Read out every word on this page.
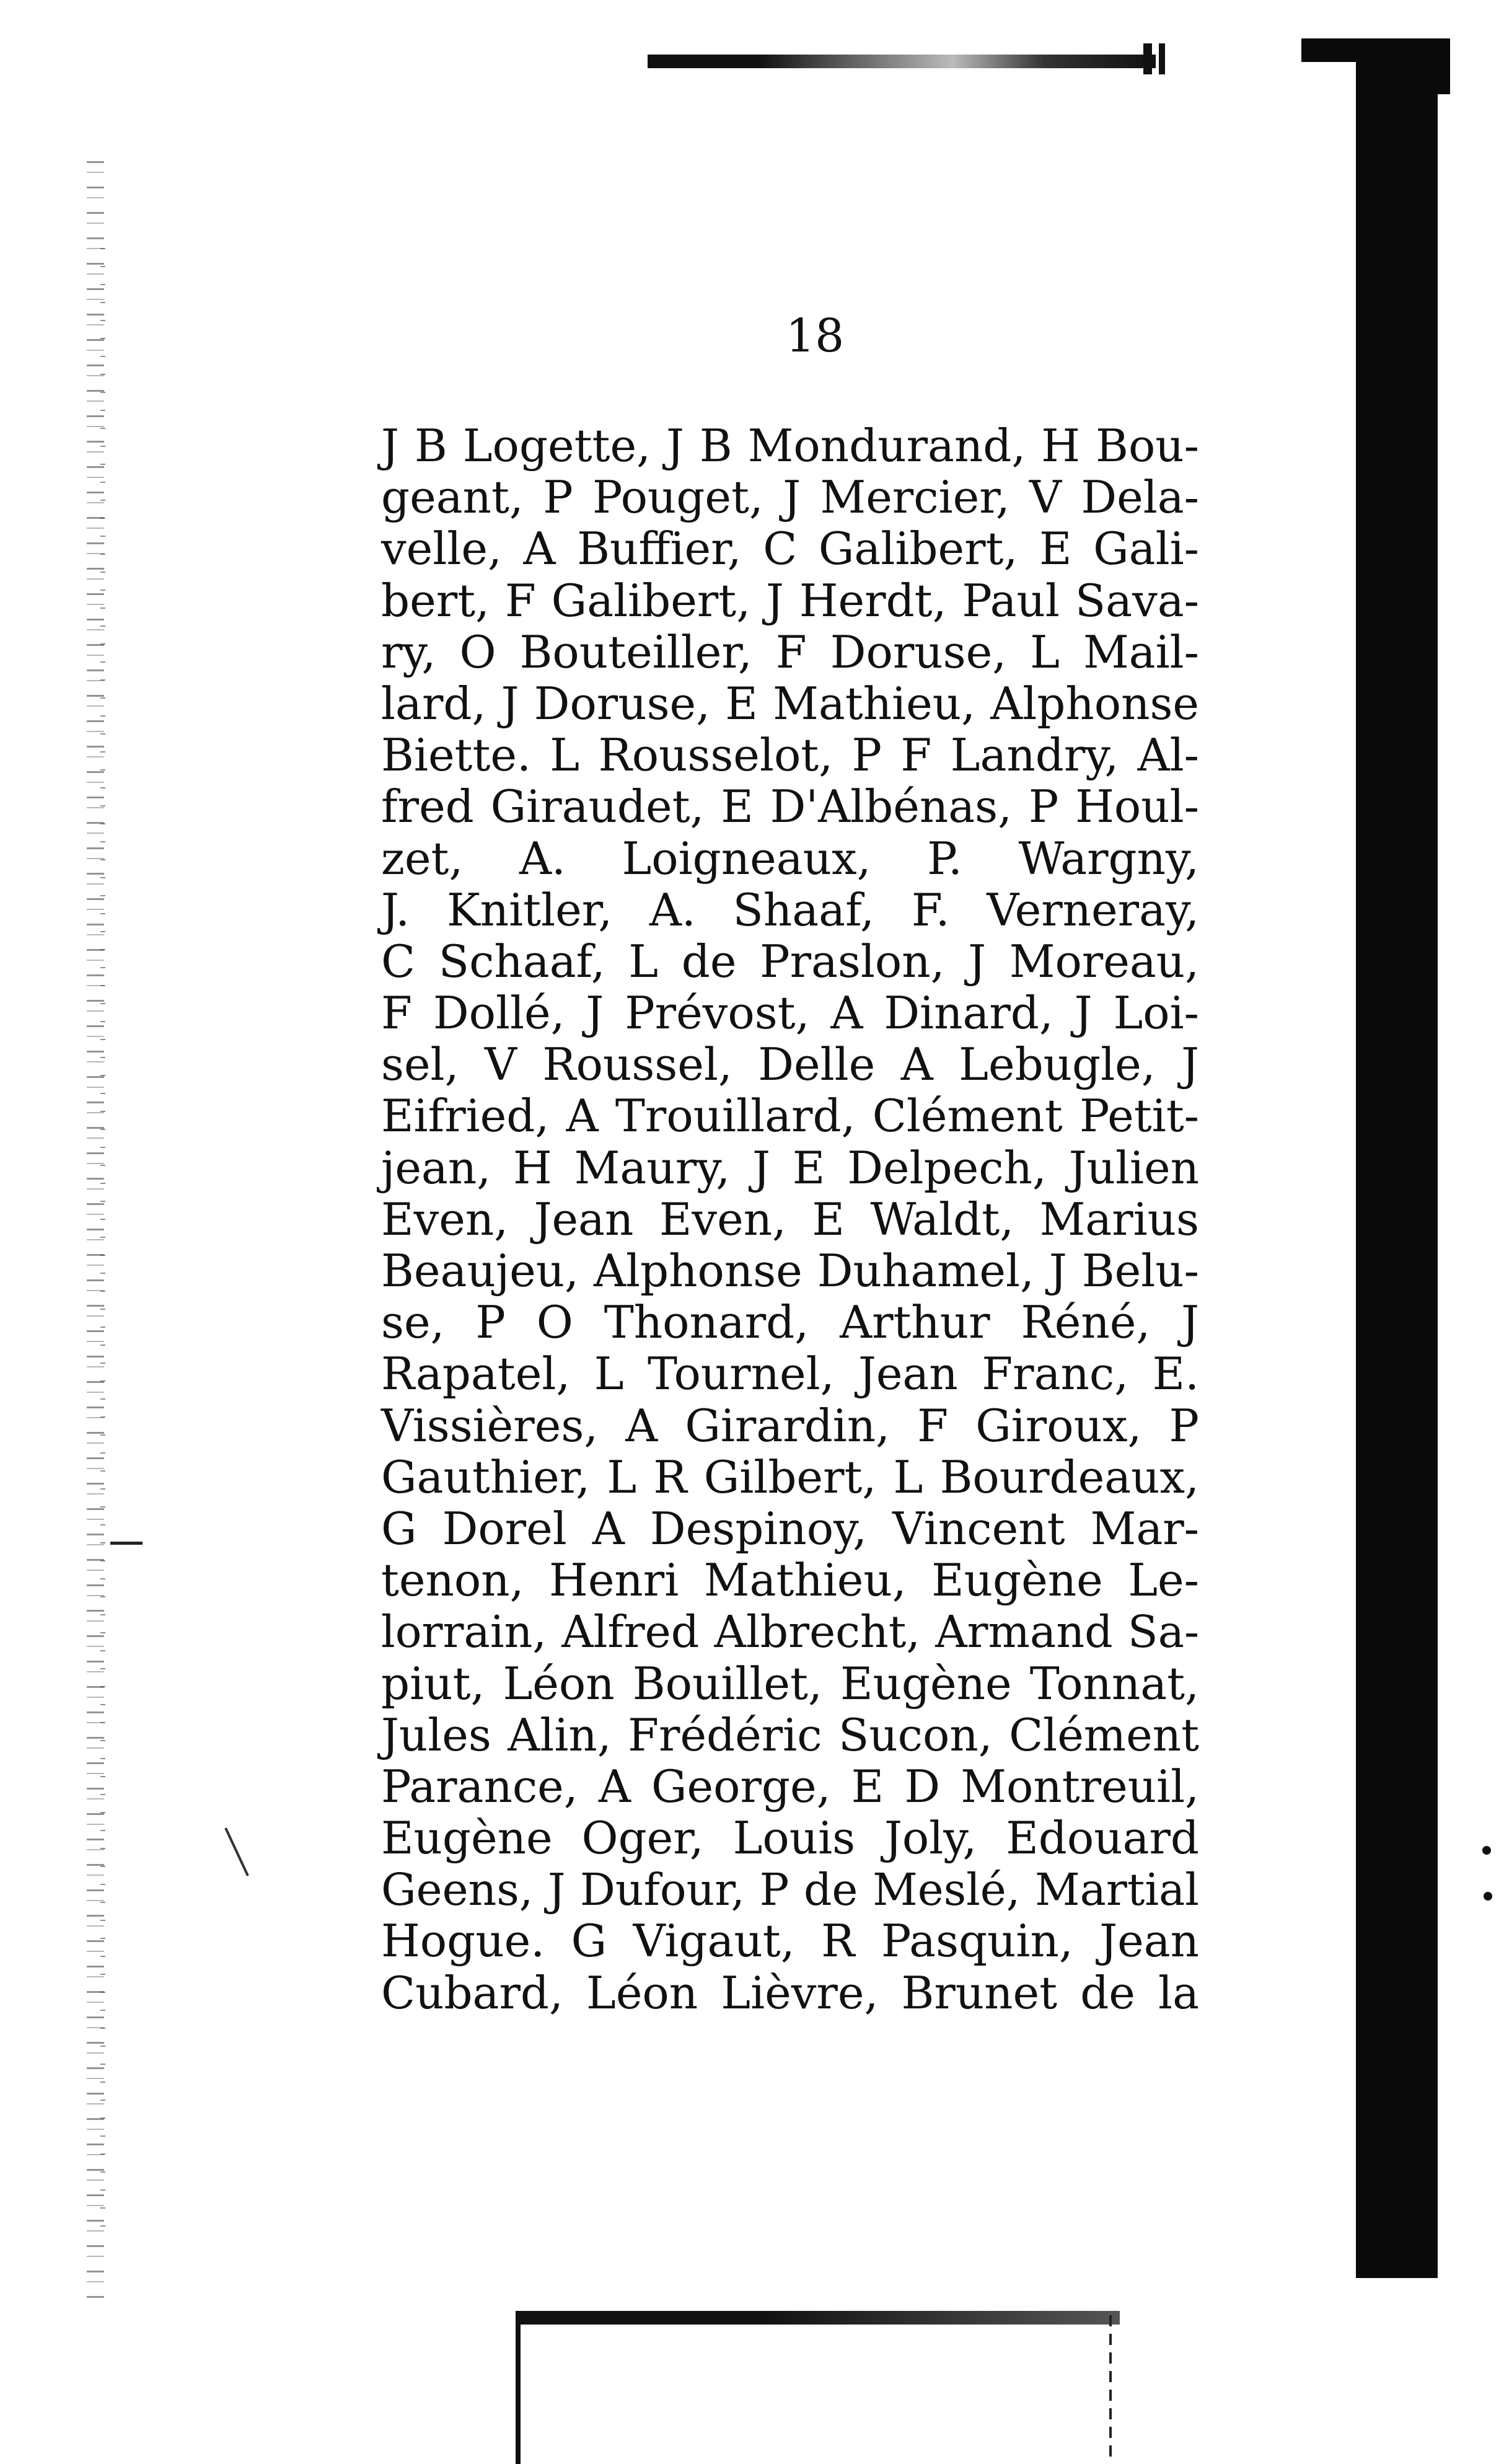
18
J B Logette, J B Mondurand, H Bou-
geant, P Pouget, J Mercier, V Dela-
velle, A Buffier, C Galibert, E Gali-
bert, F Galibert, J Herdt, Paul Sava-
ry, O Bouteiller, F Doruse, L Mail-
lard, J Doruse, E Mathieu, Alphonse
Biette. L Rousselot, P F Landry, Al-
fred Giraudet, E D'Albénas, P Houl-
zet, A. Loigneaux, P. Wargny,
J. Knitler, A. Shaaf, F. Verneray,
C Schaaf, L de Praslon, J Moreau,
F Dollé, J Prévost, A Dinard, J Loi-
sel, V Roussel, Delle A Lebugle, J
Eifried, A Trouillard, Clément Petit-
jean, H Maury, J E Delpech, Julien
Even, Jean Even, E Waldt, Marius
Beaujeu, Alphonse Duhamel, J Belu-
se, P O Thonard, Arthur Réné, J
Rapatel, L Tournel, Jean Franc, E.
Vissières, A Girardin, F Giroux, P
Gauthier, L R Gilbert, L Bourdeaux,
G Dorel A Despinoy, Vincent Mar-
tenon, Henri Mathieu, Eugène Le-
lorrain, Alfred Albrecht, Armand Sa-
piut, Léon Bouillet, Eugène Tonnat,
Jules Alin, Frédéric Sucon, Clément
Parance, A George, E D Montreuil,
Eugène Oger, Louis Joly, Edouard
Geens, J Dufour, P de Meslé, Martial
Hogue. G Vigaut, R Pasquin, Jean
Cubard, Léon Lièvre, Brunet de la
